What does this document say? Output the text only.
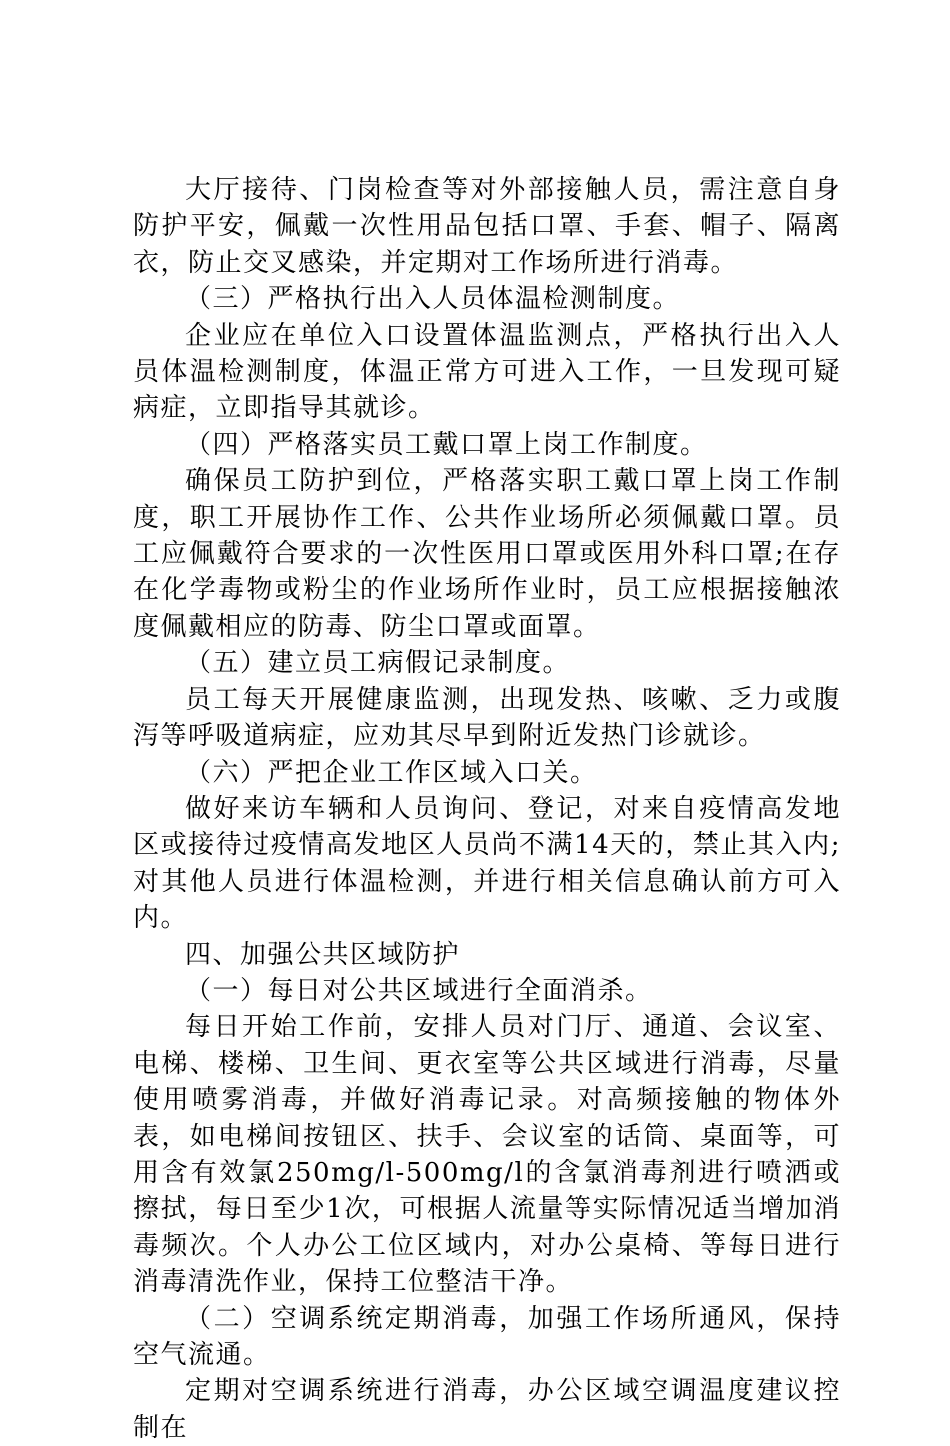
大厅接待、门岗检查等对外部接触人员，需注意自身防护平安，佩戴一次性用品包括口罩、手套、帽子、隔离衣，防止交叉感染，并定期对工作场所进行消毒。

（三）严格执行出入人员体温检测制度。

企业应在单位入口设置体温监测点，严格执行出入人员体温检测制度，体温正常方可进入工作，一旦发现可疑病症，立即指导其就诊。

（四）严格落实员工戴口罩上岗工作制度。

确保员工防护到位，严格落实职工戴口罩上岗工作制度，职工开展协作工作、公共作业场所必须佩戴口罩。员工应佩戴符合要求的一次性医用口罩或医用外科口罩;在存在化学毒物或粉尘的作业场所作业时，员工应根据接触浓度佩戴相应的防毒、防尘口罩或面罩。

（五）建立员工病假记录制度。

员工每天开展健康监测，出现发热、咳嗽、乏力或腹泻等呼吸道病症，应劝其尽早到附近发热门诊就诊。

（六）严把企业工作区域入口关。

做好来访车辆和人员询问、登记，对来自疫情高发地区或接待过疫情高发地区人员尚不满14天的，禁止其入内;对其他人员进行体温检测，并进行相关信息确认前方可入内。

四、加强公共区域防护

（一）每日对公共区域进行全面消杀。

每日开始工作前，安排人员对门厅、通道、会议室、电梯、楼梯、卫生间、更衣室等公共区域进行消毒，尽量使用喷雾消毒，并做好消毒记录。对高频接触的物体外表，如电梯间按钮区、扶手、会议室的话筒、桌面等，可用含有效氯250mg/l-500mg/l的含氯消毒剂进行喷洒或擦拭，每日至少1次，可根据人流量等实际情况适当增加消毒频次。个人办公工位区域内，对办公桌椅、等每日进行消毒清洗作业，保持工位整洁干净。

（二）空调系统定期消毒，加强工作场所通风，保持空气流通。

定期对空调系统进行消毒，办公区域空调温度建议控制在
